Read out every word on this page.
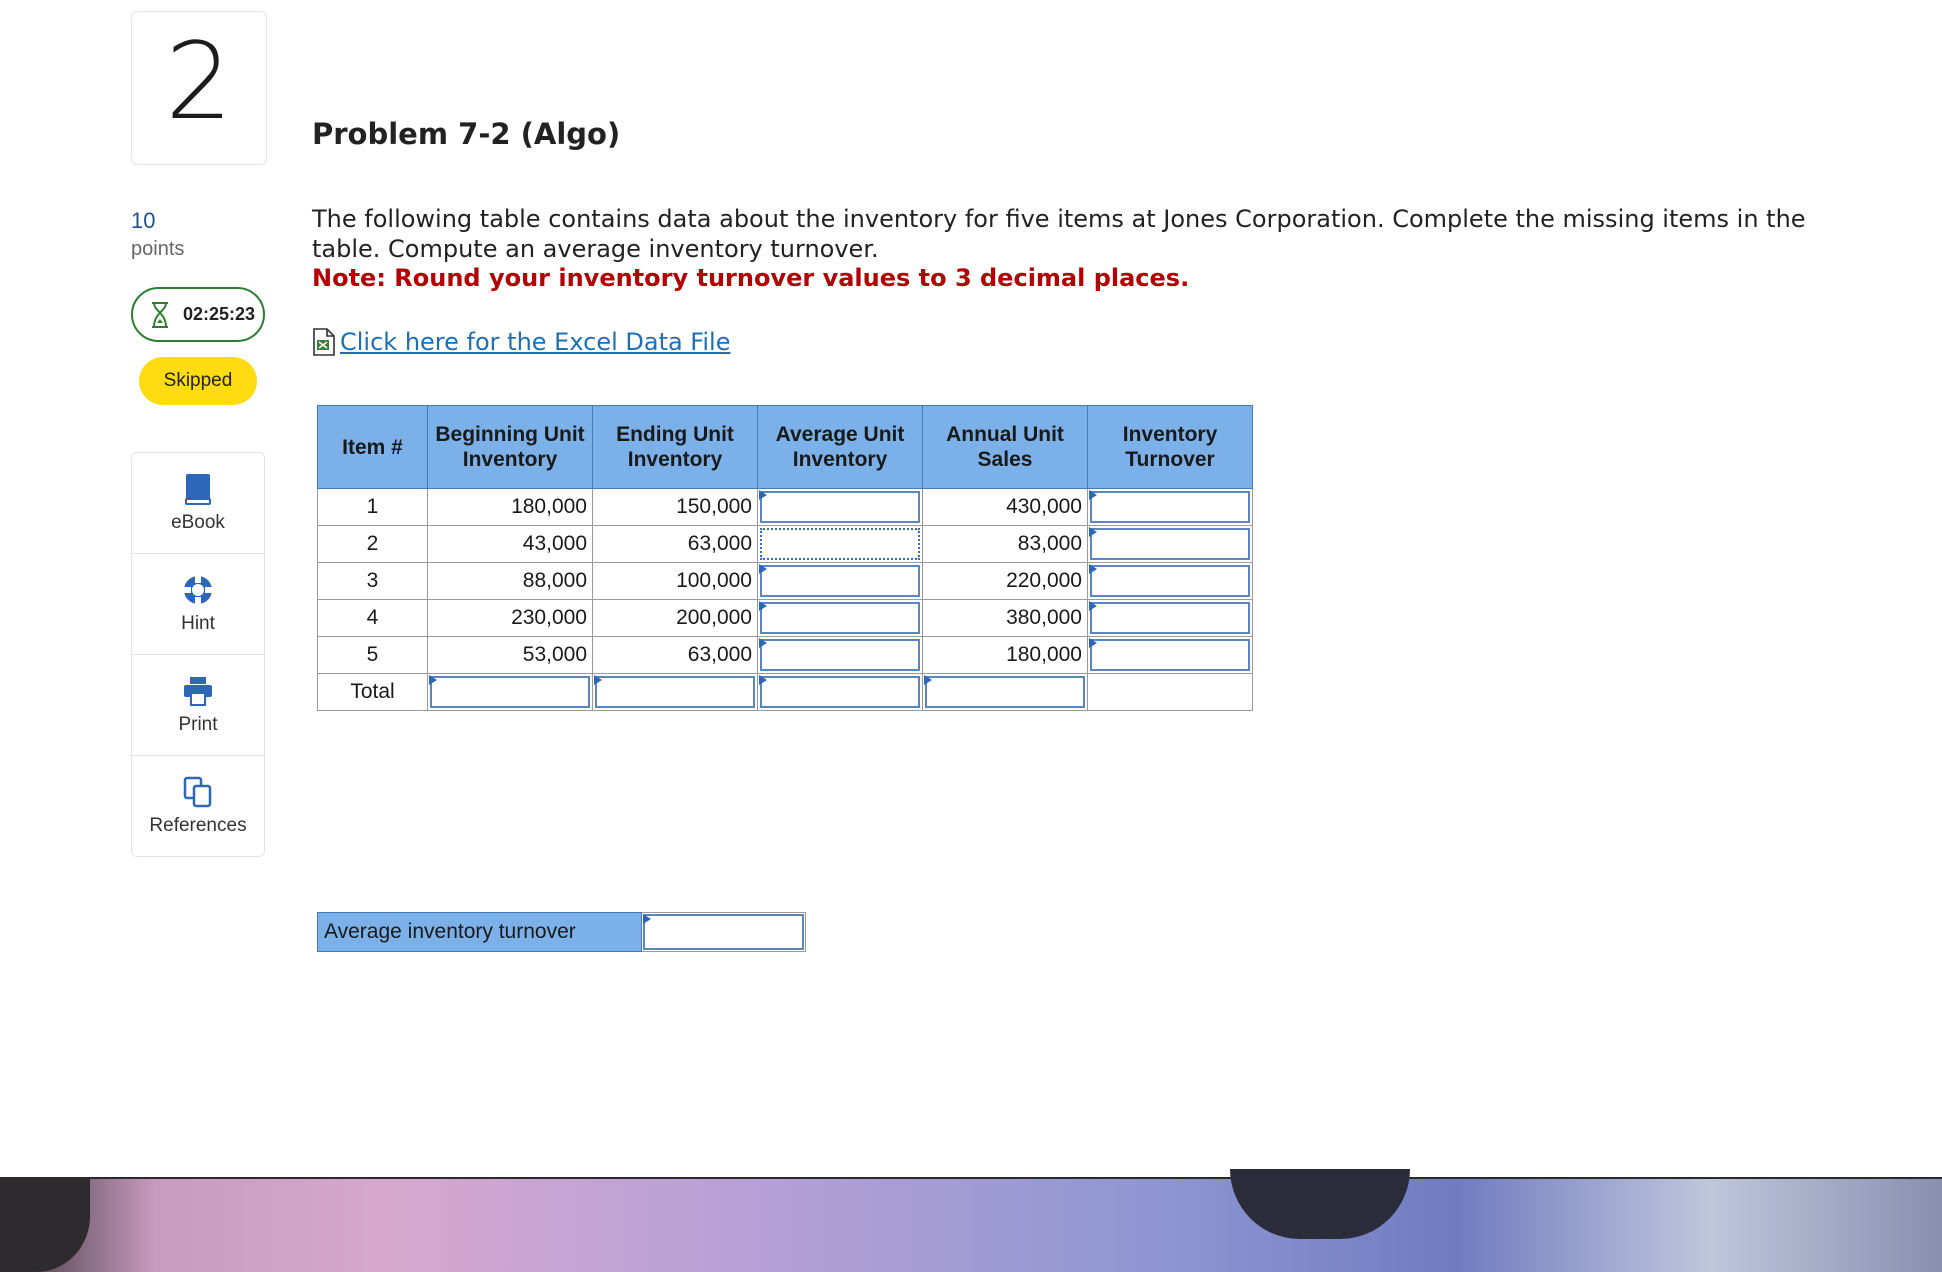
2
10
points
02:25:23
Skipped
eBook
Hint
Print
References
Problem 7-2 (Algo)
The following table contains data about the inventory for five items at Jones Corporation. Complete the missing items in the table. Compute an average inventory turnover.
Note: Round your inventory turnover values to 3 decimal places.
Click here for the Excel Data File
Item #	Beginning Unit Inventory	Ending Unit Inventory	Average Unit Inventory	Annual Unit Sales	Inventory Turnover
1	180,000	150,000		430,000	

2	43,000	63,000		83,000	

3	88,000	100,000		220,000	

4	230,000	200,000		380,000	

5	53,000	63,000		180,000	

Total	

Average inventory turnover
